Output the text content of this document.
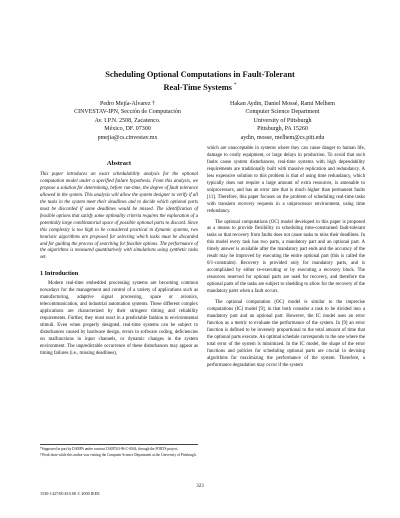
Scheduling Optional Computations in Fault-Tolerant
Real-Time Systems *
Pedro Mejía-Alvarez †
CINVESTAV-IPN, Sección de Computación
Av. I.P.N. 2508, Zacatenco.
México, DF. 07300
pmejia@cs.cinvestav.mx
Hakan Aydin, Daniel Mossé, Rami Melhem
Computer Science Department
University of Pittsburgh
Pittsburgh, PA 15260
aydin, mosse, melhem@cs.pitt.edu
Abstract

This paper introduces an exact schedulability analysis for the optional computation model under a specified failure hypothesis. From this analysis, we propose a solution for determining, before run-time, the degree of fault tolerance allowed in the system. This analysis will allow the system designer to verify if all the tasks in the system meet their deadlines and to decide which optional parts must be discarded if some deadlines would be missed. The identification of feasible options that satisfy some optimality criteria requires the exploration of a potentially large combinatorial space of possible optional parts to discard. Since this complexity is too high to be considered practical in dynamic systems, two heuristic algorithms are proposed for selecting which tasks must be discarded and for guiding the process of searching for feasible options. The performance of the algorithms is measured quantitatively with simulations using synthetic tasks set.

1 Introduction

Modern real-time embedded processing systems are becoming common nowadays for the management and control of a variety of applications such as manufacturing, adaptive signal processing, space or avionics, telecommunication, and industrial automation systems. These different complex applications are characterized by their stringent timing and reliability requirements. Further, they must react in a predictable fashion to environmental stimuli. Even when properly designed, real-time systems can be subject to disturbances caused by hardware design, errors in software coding, deficiencies on malfunctions in input channels, or dynamic changes in the system environment. The unpredictable occurrence of these disturbances may appear as timing failures (i.e., missing deadlines),

which are unacceptable in systems where they can cause danger to human life, damage to costly equipment, or large delays in production. To avoid that such faults cause system disturbances, real-time systems with high dependability requirements are traditionally built with massive replication and redundancy. A less expensive solution to this problem is that of using time redundancy, which typically does not require a large amount of extra resources, is amenable to uniprocessors, and has an error rate that is much higher than permanent faults [11]. Therefore, this paper focuses on the problem of scheduling real-time tasks with transient recovery requests in a uniprocessor environment, using time redundancy.

The optional computations (OC) model developed in this paper is proposed as a means to provide flexibility in scheduling time-constrained fault-tolerant tasks so that recovery from faults does not cause tasks to miss their deadlines. In this model every task has two parts, a mandatory part and an optional part. A timely answer is available after the mandatory part ends and the accuracy of the result may be improved by executing the entire optional part (this is called the 0/1-constraint). Recovery is provided only for mandatory parts, and is accomplished by either re-executing or by executing a recovery block. The resources reserved for optional parts are used for recovery, and therefore the optional parts of the tasks are subject to shedding to allow for the recovery of the mandatory parts when a fault occurs.

The optional computation (OC) model is similar to the imprecise computations (IC) model [9], in that both consider a task to be divided into a mandatory part and an optional part. However, the IC model uses an error function as a metric to evaluate the performance of the system. In [9] an error function is defined to be inversely proportional to the total amount of time that the optional parts execute. An optimal schedule corresponds to the one where the total error of the system is minimized. In the IC model, the shape of the error functions and policies for scheduling optional parts are crucial in devising algorithms for maximizing the performance of the system. Therefore, a performance degradation may occur if the system

*Supported in part by DARPA under contract DABT63-96-C-0044, through the FORTS project.
†Work done while this author was visiting the Computer Science Department at the University of Pittsburgh.
323
1530-1427/00 $10.00 © 2000 IEEE
